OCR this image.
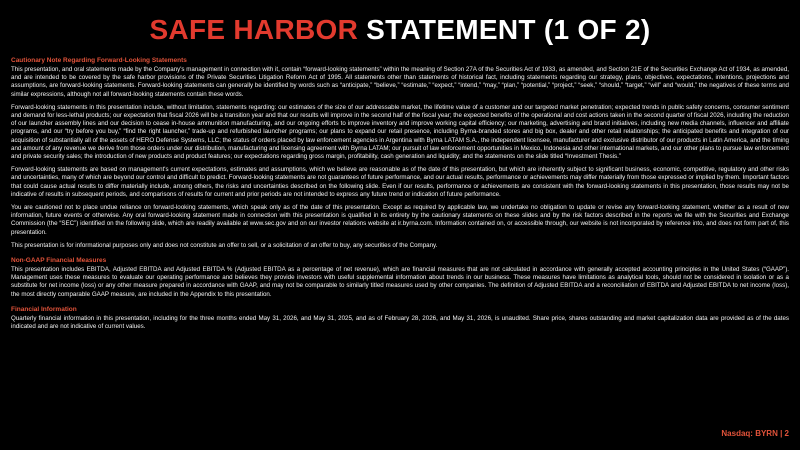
SAFE HARBOR STATEMENT (1 OF 2)
Cautionary Note Regarding Forward-Looking Statements

This presentation, and oral statements made by the Company's management in connection with it, contain “forward-looking statements” within the meaning of Section 27A of the Securities Act of 1933, as amended, and Section 21E of the Securities Exchange Act of 1934, as amended, and are intended to be covered by the safe harbor provisions of the Private Securities Litigation Reform Act of 1995. All statements other than statements of historical fact, including statements regarding our strategy, plans, objectives, expectations, intentions, projections and assumptions, are forward-looking statements. Forward-looking statements can generally be identified by words such as “anticipate,” “believe,” “estimate,” “expect,” “intend,” “may,” “plan,” “potential,” “project,” “seek,” “should,” “target,” “will” and “would,” the negatives of these terms and similar expressions, although not all forward-looking statements contain these words.

Forward-looking statements in this presentation include, without limitation, statements regarding: our estimates of the size of our addressable market, the lifetime value of a customer and our targeted market penetration; expected trends in public safety concerns, consumer sentiment and demand for less-lethal products; our expectation that fiscal 2026 will be a transition year and that our results will improve in the second half of the fiscal year; the expected benefits of the operational and cost actions taken in the second quarter of fiscal 2026, including the reduction of our launcher assembly lines and our decision to cease in-house ammunition manufacturing, and our ongoing efforts to improve inventory and improve working capital efficiency; our marketing, advertising and brand initiatives, including new media channels, influencer and affiliate programs, and our “try before you buy,” “find the right launcher,” trade-up and refurbished launcher programs; our plans to expand our retail presence, including Byrna-branded stores and big box, dealer and other retail relationships; the anticipated benefits and integration of our acquisition of substantially all of the assets of HERO Defense Systems, LLC; the status of orders placed by law enforcement agencies in Argentina with Byrna LATAM S.A., the independent licensee, manufacturer and exclusive distributor of our products in Latin America, and the timing and amount of any revenue we derive from those orders under our distribution, manufacturing and licensing agreement with Byrna LATAM; our pursuit of law enforcement opportunities in Mexico, Indonesia and other international markets, and our other plans to pursue law enforcement and private security sales; the introduction of new products and product features; our expectations regarding gross margin, profitability, cash generation and liquidity; and the statements on the slide titled “Investment Thesis.”

Forward-looking statements are based on management's current expectations, estimates and assumptions, which we believe are reasonable as of the date of this presentation, but which are inherently subject to significant business, economic, competitive, regulatory and other risks and uncertainties, many of which are beyond our control and difficult to predict. Forward-looking statements are not guarantees of future performance, and our actual results, performance or achievements may differ materially from those expressed or implied by them. Important factors that could cause actual results to differ materially include, among others, the risks and uncertainties described on the following slide. Even if our results, performance or achievements are consistent with the forward-looking statements in this presentation, those results may not be indicative of results in subsequent periods, and comparisons of results for current and prior periods are not intended to express any future trend or indication of future performance.

You are cautioned not to place undue reliance on forward-looking statements, which speak only as of the date of this presentation. Except as required by applicable law, we undertake no obligation to update or revise any forward-looking statement, whether as a result of new information, future events or otherwise. Any oral forward-looking statement made in connection with this presentation is qualified in its entirety by the cautionary statements on these slides and by the risk factors described in the reports we file with the Securities and Exchange Commission (the “SEC”) identified on the following slide, which are readily available at www.sec.gov and on our investor relations website at ir.byrna.com. Information contained on, or accessible through, our website is not incorporated by reference into, and does not form part of, this presentation.

This presentation is for informational purposes only and does not constitute an offer to sell, or a solicitation of an offer to buy, any securities of the Company.

Non-GAAP Financial Measures

This presentation includes EBITDA, Adjusted EBITDA and Adjusted EBITDA % (Adjusted EBITDA as a percentage of net revenue), which are financial measures that are not calculated in accordance with generally accepted accounting principles in the United States (“GAAP”). Management uses these measures to evaluate our operating performance and believes they provide investors with useful supplemental information about trends in our business. These measures have limitations as analytical tools, should not be considered in isolation or as a substitute for net income (loss) or any other measure prepared in accordance with GAAP, and may not be comparable to similarly titled measures used by other companies. The definition of Adjusted EBITDA and a reconciliation of EBITDA and Adjusted EBITDA to net income (loss), the most directly comparable GAAP measure, are included in the Appendix to this presentation.

Financial Information

Quarterly financial information in this presentation, including for the three months ended May 31, 2026, and May 31, 2025, and as of February 28, 2026, and May 31, 2026, is unaudited. Share price, shares outstanding and market capitalization data are provided as of the dates indicated and are not indicative of current values.

Nasdaq: BYRN | 2
